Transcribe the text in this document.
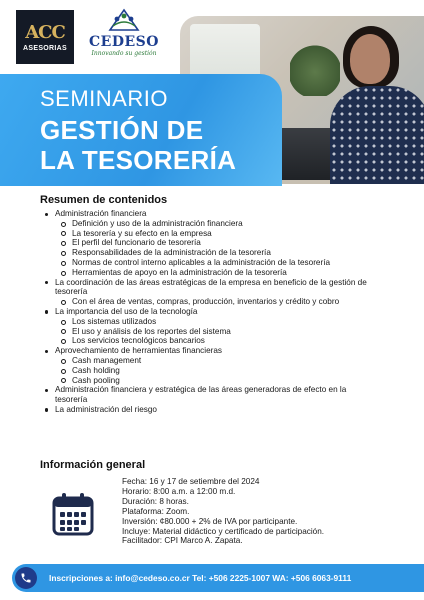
ACC
ASESORIAS CEDESO
Innovando su gestión
SEMINARIO
GESTIÓN DE
LA TESORERÍA
Resumen de contenidos
Administración financiera
Definición y uso de la administración financiera
La tesorería y su efecto en la empresa
El perfil del funcionario de tesorería
Responsabilidades de la administración de la tesorería
Normas de control interno aplicables a la administración de la tesorería
Herramientas de apoyo en la administración de la tesorería
La coordinación de las áreas estratégicas de la empresa en beneficio de la gestión de tesorería
Con el área de ventas, compras, producción, inventarios y crédito y cobro
La importancia del uso de la tecnología
Los sistemas utilizados
El uso y análisis de los reportes del sistema
Los servicios tecnológicos bancarios
Aprovechamiento de herramientas financieras
Cash management
Cash holding
Cash pooling
Administración financiera y estratégica de las áreas generadoras de efecto en la tesorería
La administración del riesgo
Información general
Fecha: 16 y 17 de setiembre del 2024
Horario: 8:00 a.m. a 12:00 m.d.
Duración: 8 horas.
Plataforma: Zoom.
Inversión: ¢80.000 + 2% de IVA por participante.
Incluye: Material didáctico y certificado de participación.
Facilitador: CPI Marco A. Zapata.
Inscripciones a: info@cedeso.co.cr Tel: +506 2225-1007 WA: +506 6063-9111
